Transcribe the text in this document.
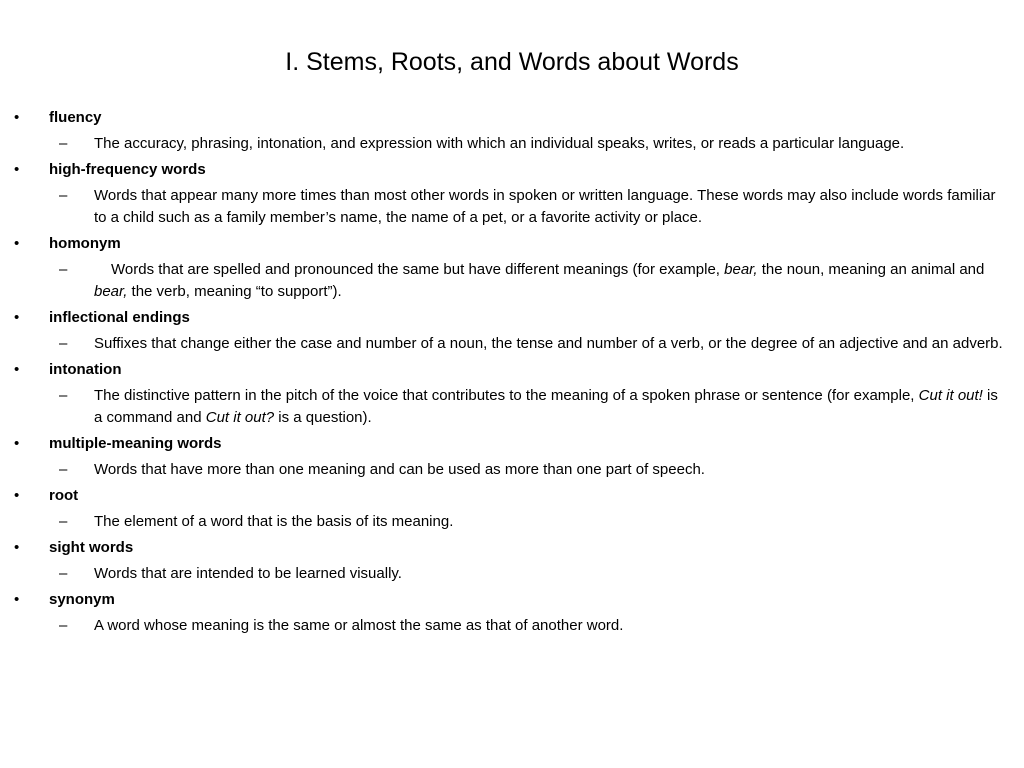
I. Stems, Roots, and Words about Words
• fluency
– The accuracy, phrasing, intonation, and expression with which an individual speaks, writes, or reads a particular language.
• high-frequency words
– Words that appear many more times than most other words in spoken or written language. These words may also include words familiar to a child such as a family member’s name, the name of a pet, or a favorite activity or place.
• homonym
–	Words that are spelled and pronounced the same but have different meanings (for example, bear, the noun, meaning an animal and bear, the verb, meaning “to support”).
• inflectional endings
– Suffixes that change either the case and number of a noun, the tense and number of a verb, or the degree of an adjective and an adverb.
• intonation
– The distinctive pattern in the pitch of the voice that contributes to the meaning of a spoken phrase or sentence (for example, Cut it out! is a command and Cut it out? is a question).
• multiple-meaning words
– Words that have more than one meaning and can be used as more than one part of speech.
• root
– The element of a word that is the basis of its meaning.
• sight words
– Words that are intended to be learned visually.
• synonym
– A word whose meaning is the same or almost the same as that of another word.
